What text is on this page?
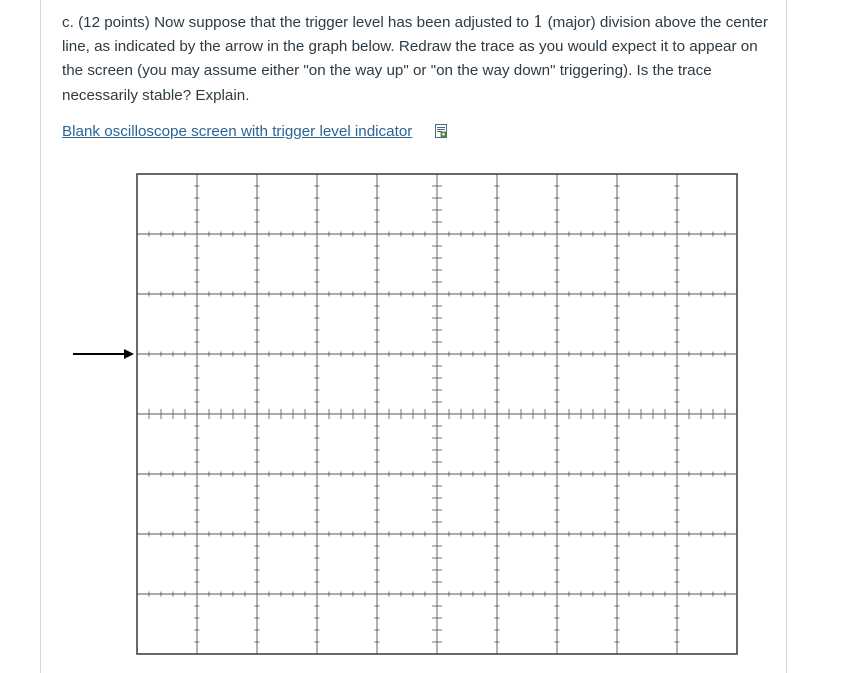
c. (12 points) Now suppose that the trigger level has been adjusted to 1 (major) division above the center line, as indicated by the arrow in the graph below. Redraw the trace as you would expect it to appear on the screen (you may assume either "on the way up" or "on the way down" triggering). Is the trace necessarily stable? Explain.
Blank oscilloscope screen with trigger level indicator
